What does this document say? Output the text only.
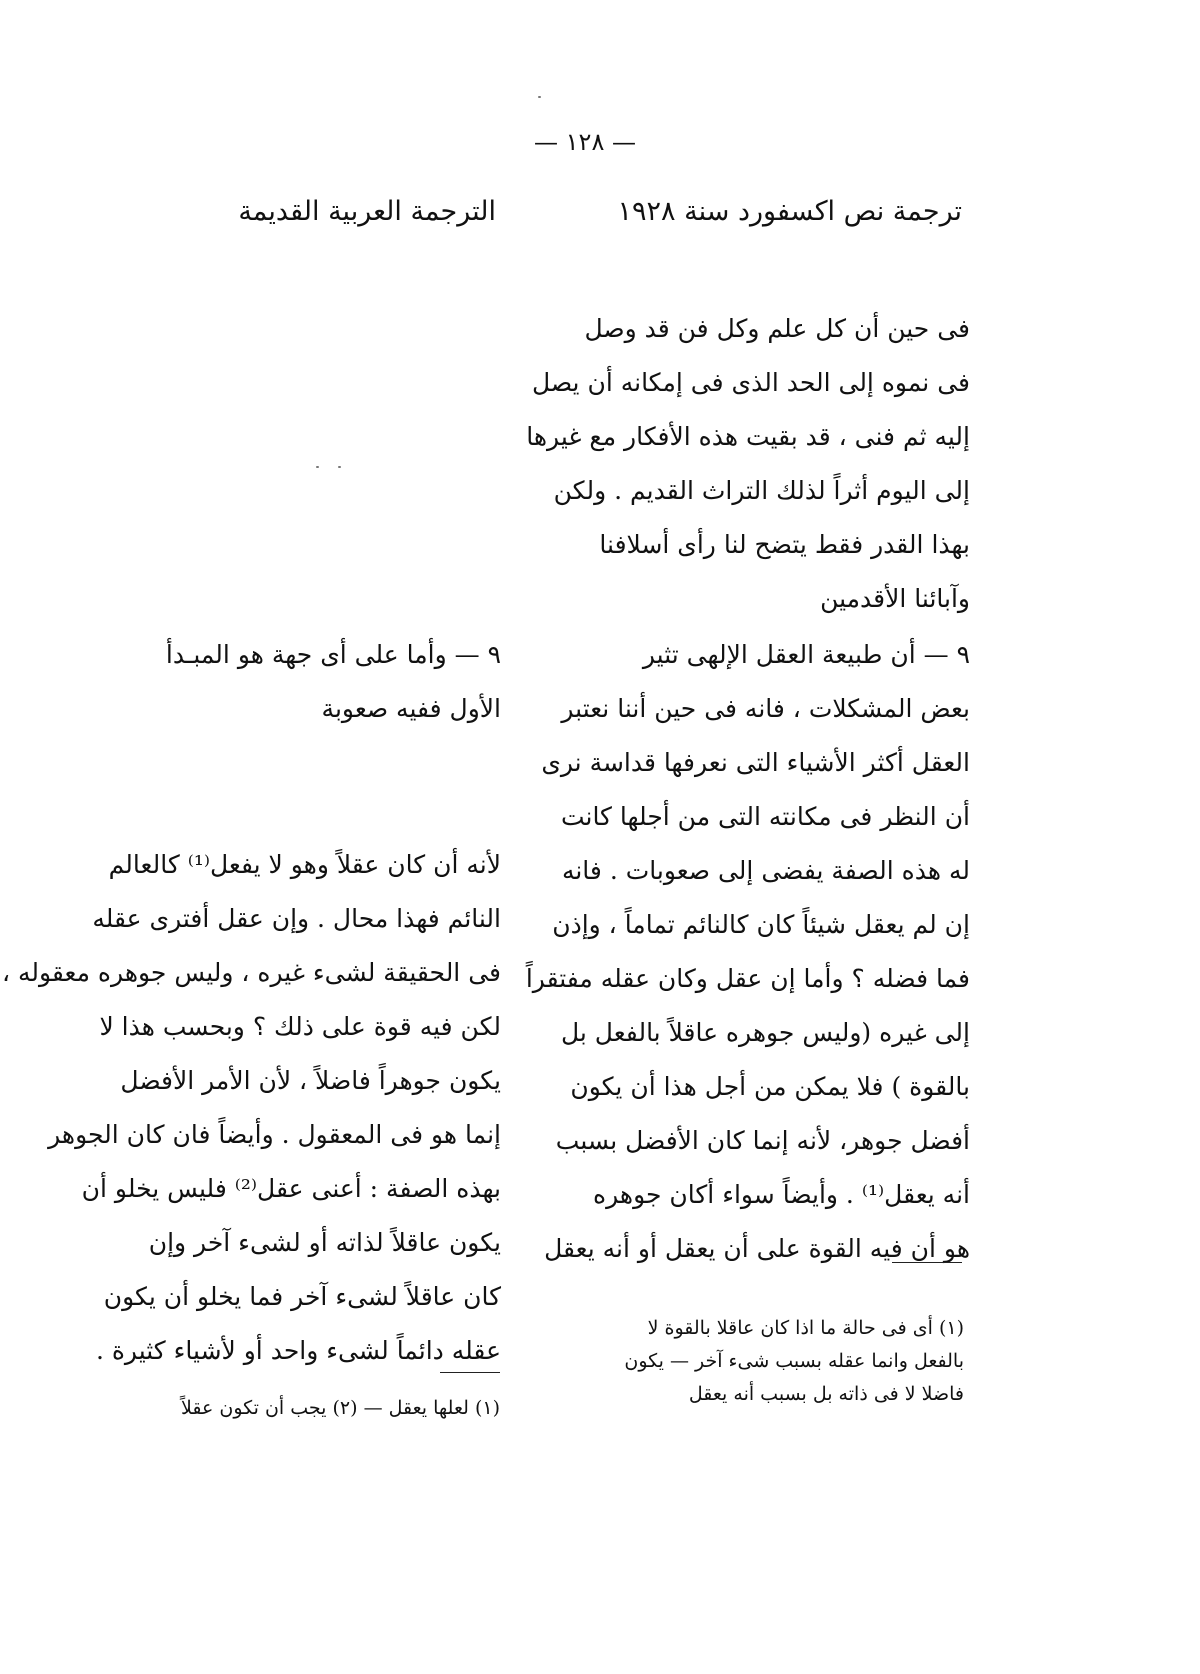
— ١٢٨ —
ترجمة نص اكسفورد سنة ١٩٢٨
الترجمة العربية القديمة
فى حين أن كل علم وكل فن قد وصل
فى نموه إلى الحد الذى فى إمكانه أن يصل
إليه ثم فنى ، قد بقيت هذه الأفكار مع غيرها
إلى اليوم أثراً لذلك التراث القديم . ولكن
بهذا القدر فقط يتضح لنا رأى أسلافنا
وآبائنا الأقدمين
٩ — أن طبيعة العقل الإلهى تثير
بعض المشكلات ، فانه فى حين أننا نعتبر
العقل أكثر الأشياء التى نعرفها قداسة نرى
أن النظر فى مكانته التى من أجلها كانت
له هذه الصفة يفضى إلى صعوبات . فانه
إن لم يعقل شيئاً كان كالنائم تماماً ، وإذن
فما فضله ؟ وأما إن عقل وكان عقله مفتقراً
إلى غيره (وليس جوهره عاقلاً بالفعل بل
بالقوة ) فلا يمكن من أجل هذا أن يكون
أفضل جوهر، لأنه إنما كان الأفضل بسبب
أنه يعقل⁽¹⁾ . وأيضاً سواء أكان جوهره
هو أن فيه القوة على أن يعقل أو أنه يعقل
٩ — وأما على أى جهة هو المبـدأ
الأول ففيه صعوبة
لأنه أن كان عقلاً وهو لا يفعل⁽¹⁾ كالعالم
النائم فهذا محال . وإن عقل أفترى عقله
فى الحقيقة لشىء غيره ، وليس جوهره معقوله ،
لكن فيه قوة على ذلك ؟ وبحسب هذا لا
يكون جوهراً فاضلاً ، لأن الأمر الأفضل
إنما هو فى المعقول . وأيضاً فان كان الجوهر
بهذه الصفة : أعنى عقل⁽²⁾ فليس يخلو أن
يكون عاقلاً لذاته أو لشىء آخر وإن
كان عاقلاً لشىء آخر فما يخلو أن يكون
عقله دائماً لشىء واحد أو لأشياء كثيرة .
(١) أى فى حالة ما اذا كان عاقلا بالقوة لا
بالفعل وانما عقله بسبب شىء آخر — يكون
فاضلا لا فى ذاته بل بسبب أنه يعقل
(١) لعلها يعقل — (٢) يجب أن تكون عقلاً
